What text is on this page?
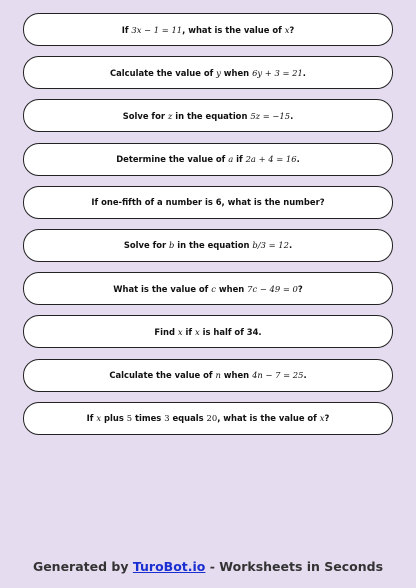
If 3x − 1 = 11 , what is the value of x ?
Calculate the value of y when 6y + 3 = 21 .
Solve for z in the equation 5z = −15 .
Determine the value of a if 2a + 4 = 16 .
If one-fifth of a number is 6, what is the number?
Solve for b in the equation b/3 = 12 .
What is the value of c when 7c − 49 = 0 ?
Find x if x is half of 34.
Calculate the value of n when 4n − 7 = 25 .
If x plus 5 times 3 equals 20 , what is the value of x ?
Generated by TuroBot.io - Worksheets in Seconds
